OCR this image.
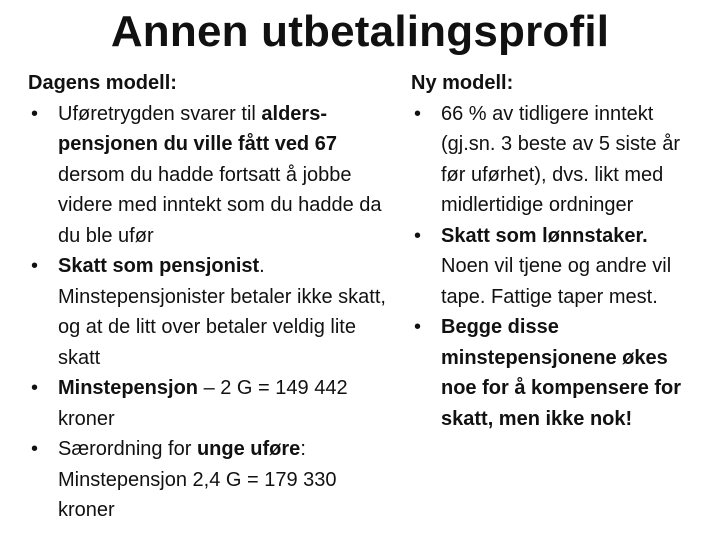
Annen utbetalingsprofil
Dagens modell:
• Uføretrygden svarer til alders-pensjonen du ville fått ved 67 dersom du hadde fortsatt å jobbe videre med inntekt som du hadde da du ble ufør
• Skatt som pensjonist. Minstepensjonister betaler ikke skatt, og at de litt over betaler veldig lite skatt
• Minstepensjon – 2 G = 149 442 kroner
• Særordning for unge uføre: Minstepensjon 2,4 G = 179 330 kroner
Ny modell:
• 66 % av tidligere inntekt (gj.sn. 3 beste av 5 siste år før uførhet), dvs. likt med midlertidige ordninger
• Skatt som lønnstaker. Noen vil tjene og andre vil tape. Fattige taper mest.
• Begge disse minstepensjonene økes noe for å kompensere for skatt, men ikke nok!
